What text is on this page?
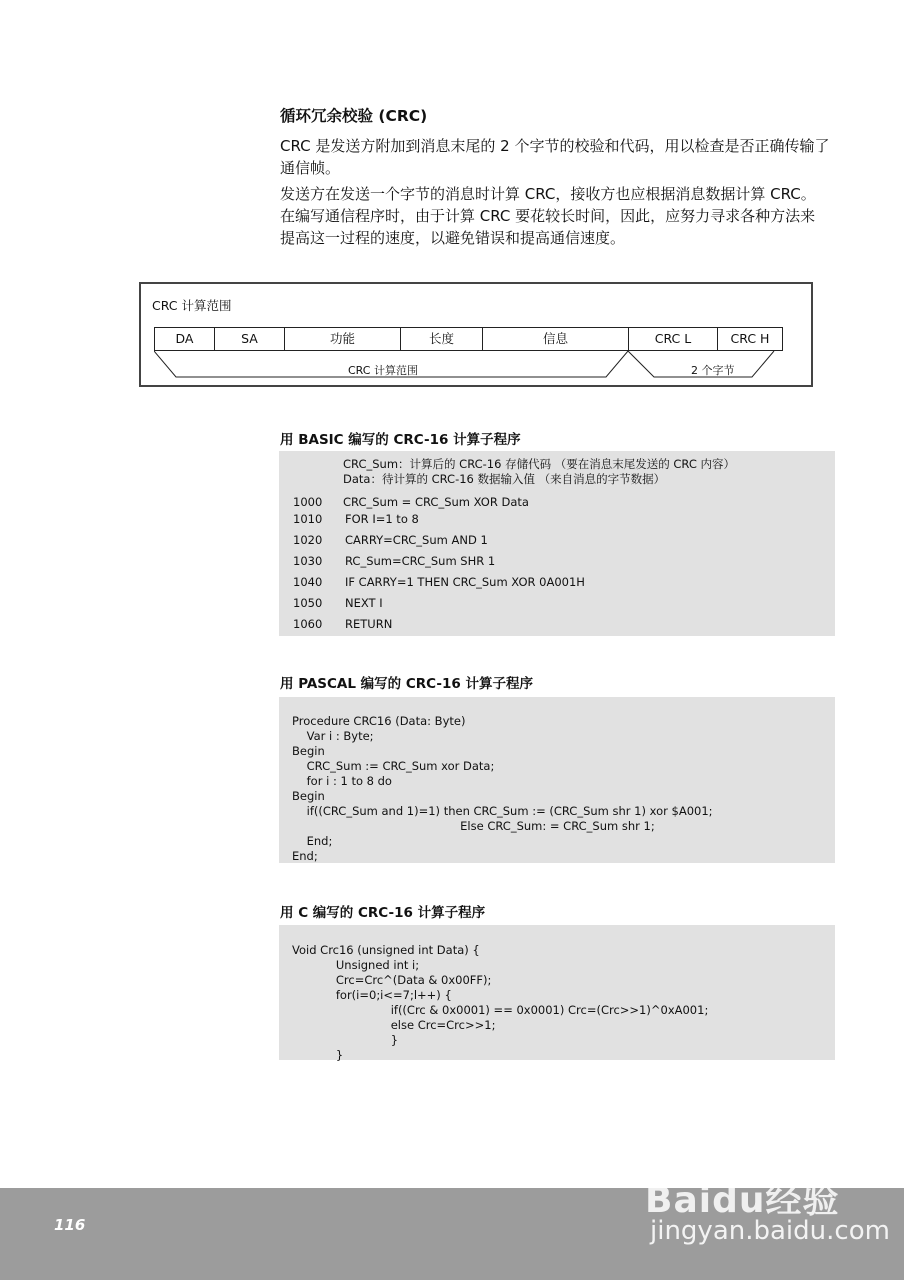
循环冗余校验 (CRC)
CRC 是发送方附加到消息末尾的 2 个字节的校验和代码，用以检查是否正确传输了通信帧。
发送方在发送一个字节的消息时计算 CRC，接收方也应根据消息数据计算 CRC。在编写通信程序时，由于计算 CRC 要花较长时间，因此，应努力寻求各种方法来提高这一过程的速度，以避免错误和提高通信速度。
CRC 计算范围
DA	SA	功能	长度	信息	CRC L	CRC H
CRC 计算范围	2 个字节
用 BASIC 编写的 CRC-16 计算子程序
CRC_Sum：计算后的 CRC-16 存储代码 （要在消息末尾发送的 CRC 内容）
Data：待计算的 CRC-16 数据输入值 （来自消息的字节数据）
1000 CRC_Sum = CRC_Sum XOR Data
1010 FOR I=1 to 8
1020 CARRY=CRC_Sum AND 1
1030 RC_Sum=CRC_Sum SHR 1
1040 IF CARRY=1 THEN CRC_Sum XOR 0A001H
1050 NEXT I
1060 RETURN
用 PASCAL 编写的 CRC-16 计算子程序

Procedure CRC16 (Data: Byte)
Var i : Byte;
Begin
CRC_Sum := CRC_Sum xor Data;
for i : 1 to 8 do
Begin
if((CRC_Sum and 1)=1) then CRC_Sum := (CRC_Sum shr 1) xor $A001;
Else CRC_Sum: = CRC_Sum shr 1;
End;
End;

用 C 编写的 CRC-16 计算子程序

Void Crc16 (unsigned int Data) {
Unsigned int i;
Crc=Crc^(Data & 0x00FF);
for(i=0;i<=7;l++) {
if((Crc & 0x0001) == 0x0001) Crc=(Crc>>1)^0xA001;
else Crc=Crc>>1;
}
}

116
Baidu经验
jingyan.baidu.com
